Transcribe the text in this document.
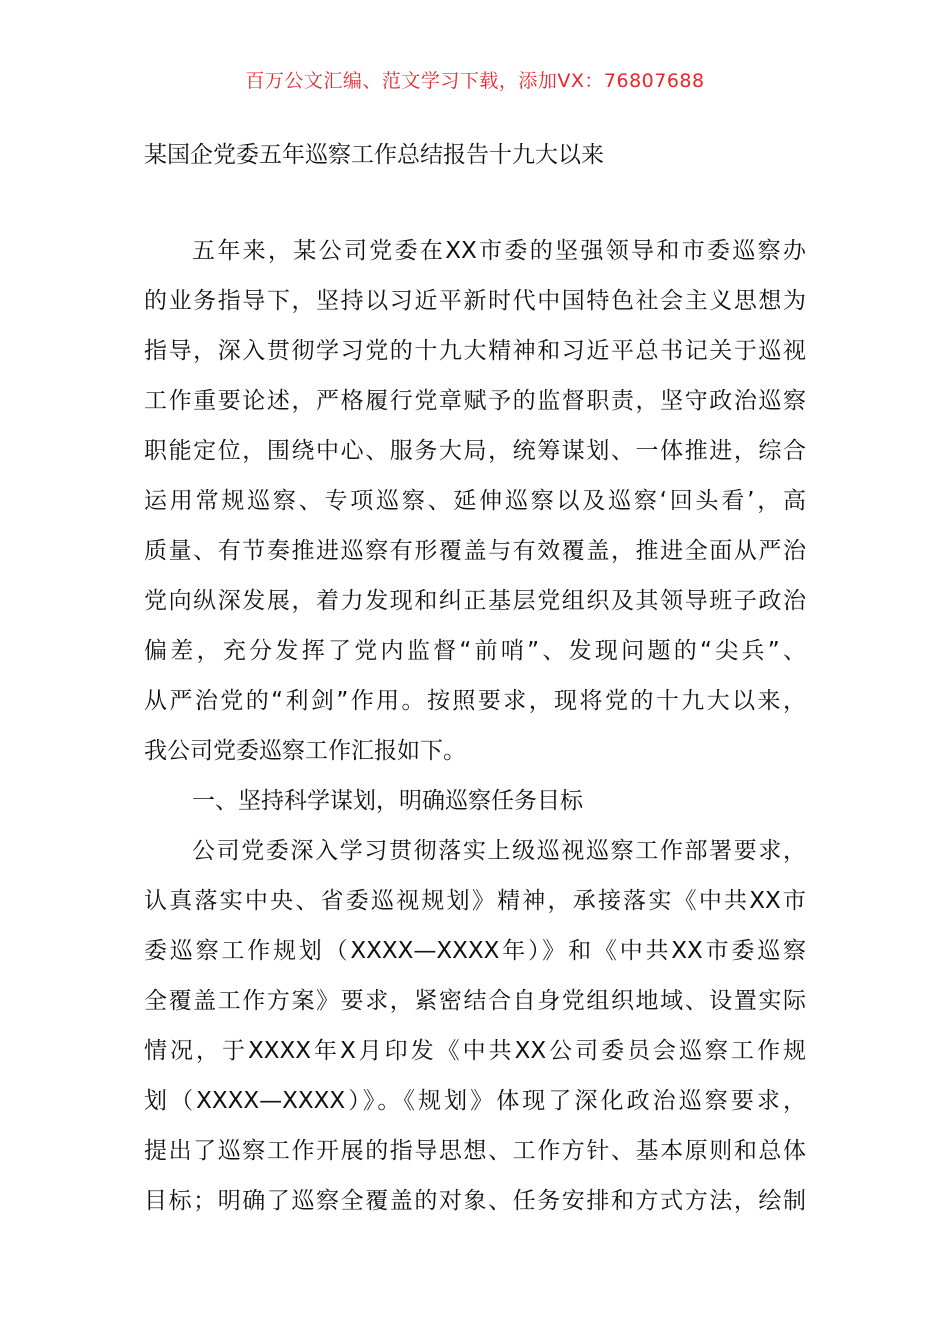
百万公文汇编、范文学习下载，添加VX：76807688
某国企党委五年巡察工作总结报告十九大以来
五年来，某公司党委在XX市委的坚强领导和市委巡察办
的业务指导下，坚持以习近平新时代中国特色社会主义思想为
指导，深入贯彻学习党的十九大精神和习近平总书记关于巡视
工作重要论述，严格履行党章赋予的监督职责，坚守政治巡察
职能定位，围绕中心、服务大局，统筹谋划、一体推进，综合
运用常规巡察、专项巡察、延伸巡察以及巡察‘回头看’，高
质量、有节奏推进巡察有形覆盖与有效覆盖，推进全面从严治
党向纵深发展，着力发现和纠正基层党组织及其领导班子政治
偏差，充分发挥了党内监督“前哨”、发现问题的“尖兵”、
从严治党的“利剑”作用。按照要求，现将党的十九大以来，
我公司党委巡察工作汇报如下。
一、坚持科学谋划，明确巡察任务目标
公司党委深入学习贯彻落实上级巡视巡察工作部署要求，
认真落实中央、省委巡视规划》精神，承接落实《中共XX市
委巡察工作规划（XXXX—XXXX年）》和《中共XX市委巡察
全覆盖工作方案》要求，紧密结合自身党组织地域、设置实际
情况，于XXXX年X月印发《中共XX公司委员会巡察工作规
划（XXXX—XXXX）》。《规划》体现了深化政治巡察要求，
提出了巡察工作开展的指导思想、工作方针、基本原则和总体
目标；明确了巡察全覆盖的对象、任务安排和方式方法，绘制
